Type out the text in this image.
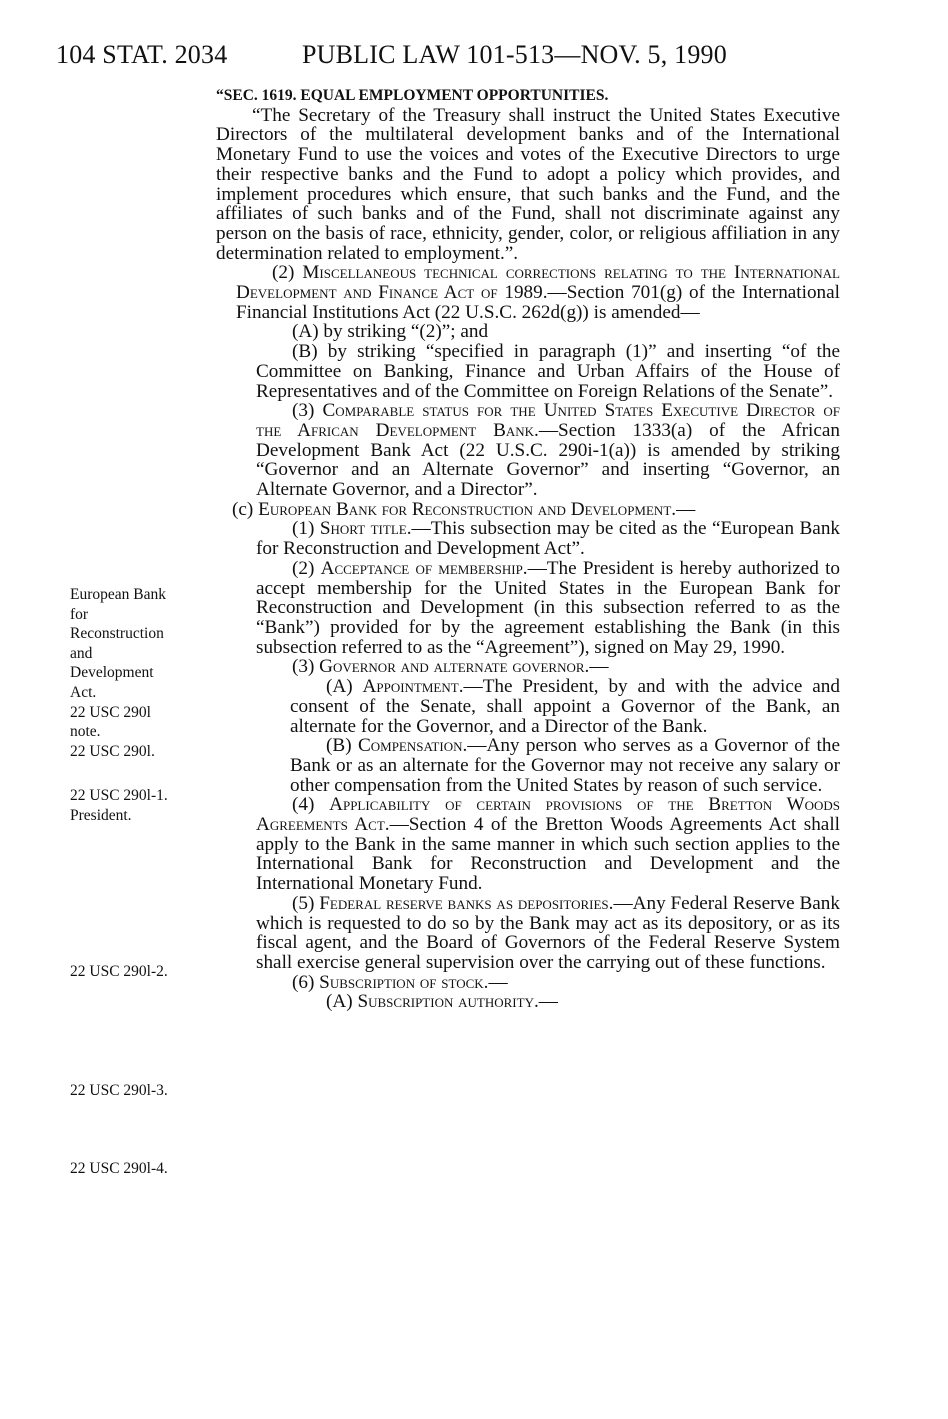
104 STAT. 2034	PUBLIC LAW 101-513—NOV. 5, 1990
European Bank
for
Reconstruction
and
Development
Act.
22 USC 290l
note.
22 USC 290l.
22 USC 290l-1.
President.
22 USC 290l-2.
22 USC 290l-3.
22 USC 290l-4.

“SEC. 1619. EQUAL EMPLOYMENT OPPORTUNITIES.

“The Secretary of the Treasury shall instruct the United States Executive Directors of the multilateral development banks and of the International Monetary Fund to use the voices and votes of the Executive Directors to urge their respective banks and the Fund to adopt a policy which provides, and implement procedures which ensure, that such banks and the Fund, and the affiliates of such banks and of the Fund, shall not discriminate against any person on the basis of race, ethnicity, gender, color, or religious affiliation in any determination related to employment.”.

(2) Miscellaneous technical corrections relating to the International Development and Finance Act of 1989.—Section 701(g) of the International Financial Institutions Act (22 U.S.C. 262d(g)) is amended—

(A) by striking “(2)”; and

(B) by striking “specified in paragraph (1)” and inserting “of the Committee on Banking, Finance and Urban Affairs of the House of Representatives and of the Committee on Foreign Relations of the Senate”.

(3) Comparable status for the United States Executive Director of the African Development Bank.—Section 1333(a) of the African Development Bank Act (22 U.S.C. 290i-1(a)) is amended by striking “Governor and an Alternate Governor” and inserting “Governor, an Alternate Governor, and a Director”.

(c) European Bank for Reconstruction and Development.—

(1) Short title.—This subsection may be cited as the “European Bank for Reconstruction and Development Act”.

(2) Acceptance of membership.—The President is hereby authorized to accept membership for the United States in the European Bank for Reconstruction and Development (in this subsection referred to as the “Bank”) provided for by the agreement establishing the Bank (in this subsection referred to as the “Agreement”), signed on May 29, 1990.

(3) Governor and alternate governor.—

(A) Appointment.—The President, by and with the advice and consent of the Senate, shall appoint a Governor of the Bank, an alternate for the Governor, and a Director of the Bank.

(B) Compensation.—Any person who serves as a Governor of the Bank or as an alternate for the Governor may not receive any salary or other compensation from the United States by reason of such service.

(4) Applicability of certain provisions of the Bretton Woods Agreements Act.—Section 4 of the Bretton Woods Agreements Act shall apply to the Bank in the same manner in which such section applies to the International Bank for Reconstruction and Development and the International Monetary Fund.

(5) Federal reserve banks as depositories.—Any Federal Reserve Bank which is requested to do so by the Bank may act as its depository, or as its fiscal agent, and the Board of Governors of the Federal Reserve System shall exercise general supervision over the carrying out of these functions.

(6) Subscription of stock.—

(A) Subscription authority.—
